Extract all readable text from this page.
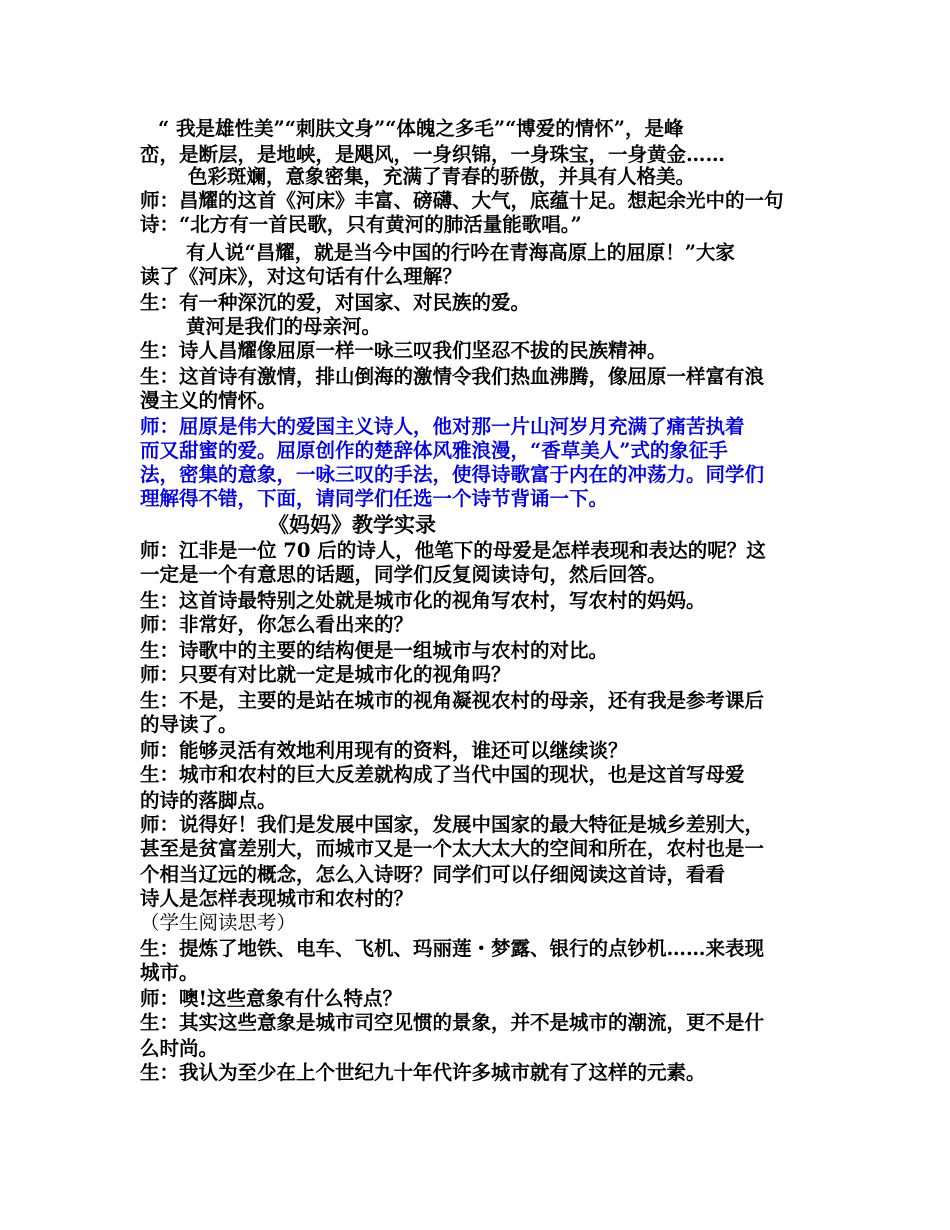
“ 我是雄性美”“刺肤文身”“体魄之多毛”“博爱的情怀”，是峰
峦，是断层，是地峡，是飓风，一身织锦，一身珠宝，一身黄金……
色彩斑斓，意象密集，充满了青春的骄傲，并具有人格美。
师：昌耀的这首《河床》丰富、磅礴、大气，底蕴十足。想起余光中的一句
诗：“北方有一首民歌，只有黄河的肺活量能歌唱。”
有人说“昌耀，就是当今中国的行吟在青海高原上的屈原！”大家
读了《河床》，对这句话有什么理解？
生：有一种深沉的爱，对国家、对民族的爱。
黄河是我们的母亲河。
生：诗人昌耀像屈原一样一咏三叹我们坚忍不拔的民族精神。
生：这首诗有激情，排山倒海的激情令我们热血沸腾，像屈原一样富有浪
漫主义的情怀。
师：屈原是伟大的爱国主义诗人，他对那一片山河岁月充满了痛苦执着
而又甜蜜的爱。屈原创作的楚辞体风雅浪漫，“香草美人”式的象征手
法，密集的意象，一咏三叹的手法，使得诗歌富于内在的冲荡力。同学们
理解得不错，下面，请同学们任选一个诗节背诵一下。
《妈妈》教学实录
师：江非是一位 70 后的诗人，他笔下的母爱是怎样表现和表达的呢？这
一定是一个有意思的话题，同学们反复阅读诗句，然后回答。
生：这首诗最特别之处就是城市化的视角写农村，写农村的妈妈。
师：非常好，你怎么看出来的？
生：诗歌中的主要的结构便是一组城市与农村的对比。
师：只要有对比就一定是城市化的视角吗？
生：不是，主要的是站在城市的视角凝视农村的母亲，还有我是参考课后
的导读了。
师：能够灵活有效地利用现有的资料，谁还可以继续谈？
生：城市和农村的巨大反差就构成了当代中国的现状，也是这首写母爱
的诗的落脚点。
师：说得好！我们是发展中国家，发展中国家的最大特征是城乡差别大，
甚至是贫富差别大，而城市又是一个太大太大的空间和所在，农村也是一
个相当辽远的概念，怎么入诗呀？同学们可以仔细阅读这首诗，看看
诗人是怎样表现城市和农村的？
（学生阅读思考）
生：提炼了地铁、电车、飞机、玛丽莲・梦露、银行的点钞机……来表现
城市。
师：噢!这些意象有什么特点？
生：其实这些意象是城市司空见惯的景象，并不是城市的潮流，更不是什
么时尚。
生：我认为至少在上个世纪九十年代许多城市就有了这样的元素。
